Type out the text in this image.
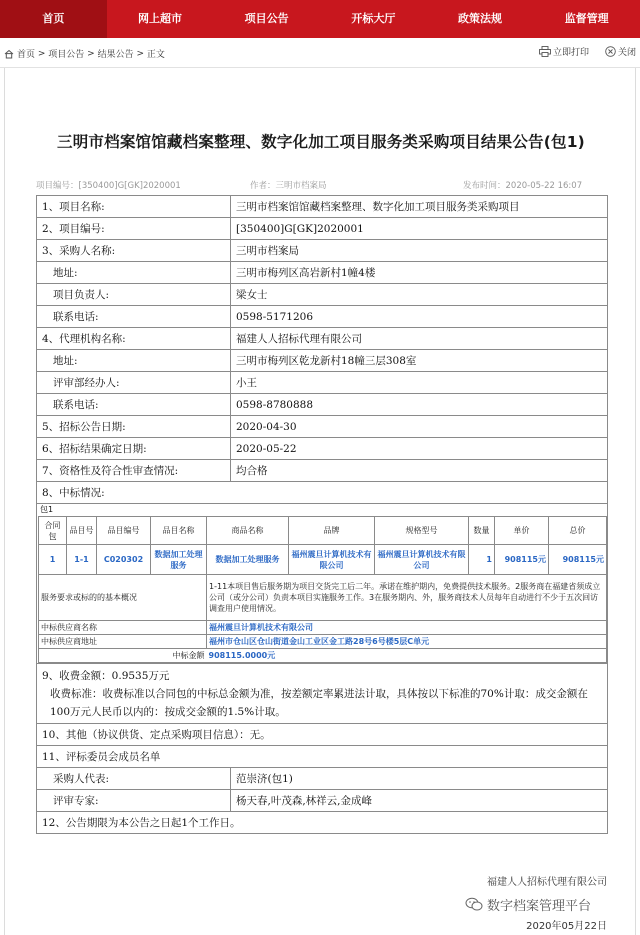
首页	网上超市	项目公告	开标大厅	政策法规	监督管理
首页 > 项目公告 > 结果公告 > 正文	立即打印	关闭
三明市档案馆馆藏档案整理、数字化加工项目服务类采购项目结果公告(包1)
项目编号：[350400]G[GK]2020001	作者：三明市档案局	发布时间：2020-05-22 16:07
1、项目名称:	三明市档案馆馆藏档案整理、数字化加工项目服务类采购项目
2、项目编号:	[350400]G[GK]2020001
3、采购人名称:	三明市档案局
地址:	三明市梅列区高岩新村1幢4楼
项目负责人:	梁女士
联系电话:	0598-5171206
4、代理机构名称:	福建人人招标代理有限公司
地址:	三明市梅列区乾龙新村18幢三层308室
评审部经办人:	小王
联系电话:	0598-8780888
5、招标公告日期:	2020-04-30
6、招标结果确定日期:	2020-05-22
7、资格性及符合性审查情况:	均合格
8、中标情况:

包1
合同包	品目号	品目编号	品目名称	商品名称	品牌	规格型号	数量	单价	总价
1	1-1	C020302	数据加工处理服务	数据加工处理服务	福州震旦计算机技术有限公司	福州震旦计算机技术有限公司	1	908115元	908115元
服务要求或标的的基本概况	1-11本项目售后服务期为项目交货完工后二年。承诺在维护期内，免费提供技术服务。2服务商在福建省须成立公司（或分公司）负责本项目实施服务工作。3在服务期内、外，服务商技术人员每年自动进行不少于五次回访调查用户使用情况。
中标供应商名称	福州震旦计算机技术有限公司
中标供应商地址	福州市仓山区仓山街道金山工业区金工路28号6号楼5层C单元
中标金额	908115.0000元

9、收费金额：0.9535万元
收费标准：收费标准以合同包的中标总金额为准，按差额定率累进法计取，具体按以下标准的70%计取：成交金额在100万元人民币以内的：按成交金额的1.5%计取。

10、其他（协议供货、定点采购项目信息）：无。
11、评标委员会成员名单
采购人代表:	范崇济(包1)
评审专家:	杨天春,叶茂森,林祥云,金成峰
12、公告期限为本公告之日起1个工作日。
福建人人招标代理有限公司
数字档案管理平台
2020年05月22日
